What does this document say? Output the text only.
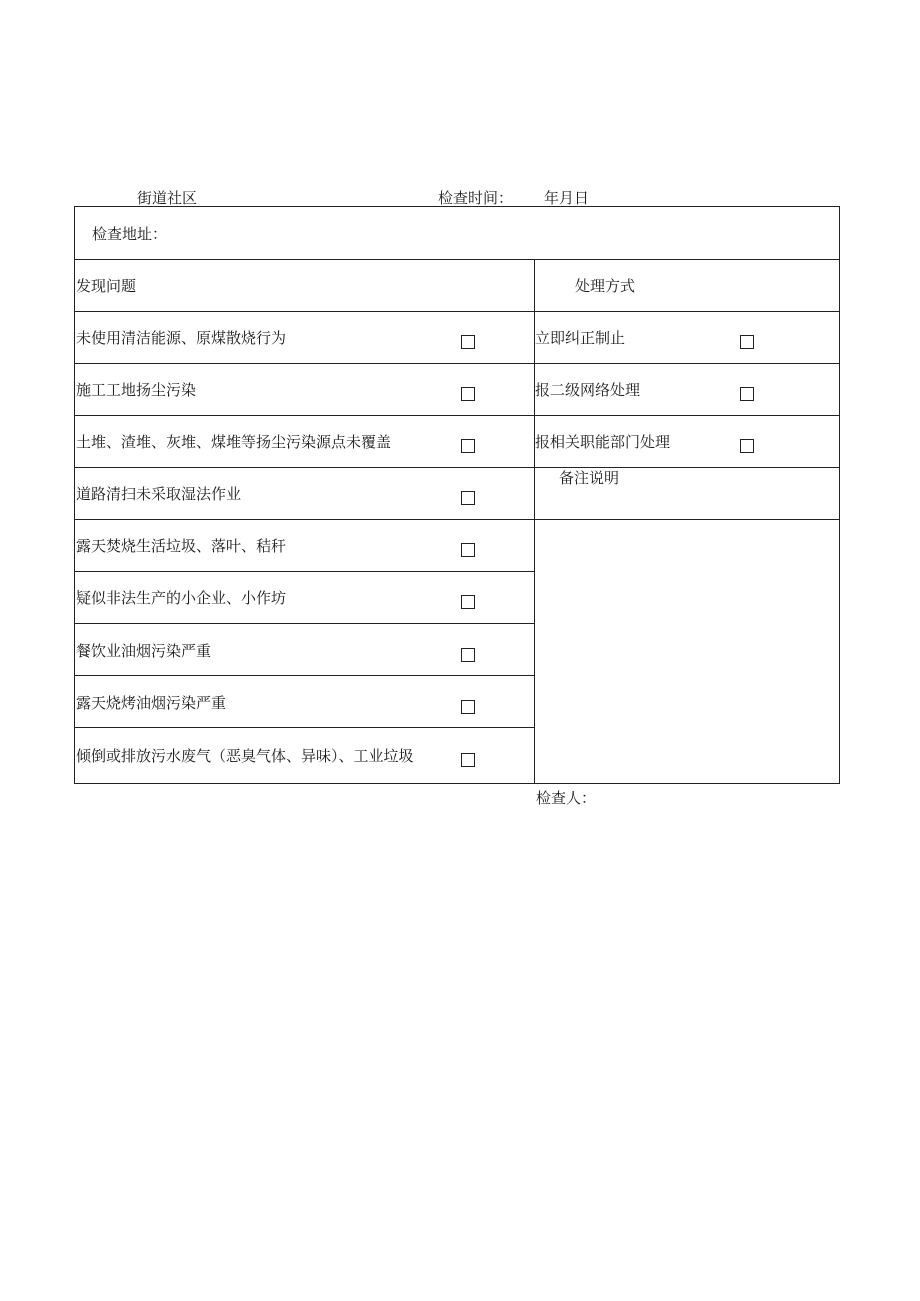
街道社区	检查时间： 年月日
检查地址：
发现问题	处理方式
未使用清洁能源、原煤散烧行为
施工工地扬尘污染
土堆、渣堆、灰堆、煤堆等扬尘污染源点未覆盖
道路清扫未采取湿法作业
露天焚烧生活垃圾、落叶、秸秆
疑似非法生产的小企业、小作坊
餐饮业油烟污染严重
露天烧烤油烟污染严重
倾倒或排放污水废气（恶臭气体、异味）、工业垃圾
立即纠正制止
报二级网络处理
报相关职能部门处理
备注说明
检查人：
